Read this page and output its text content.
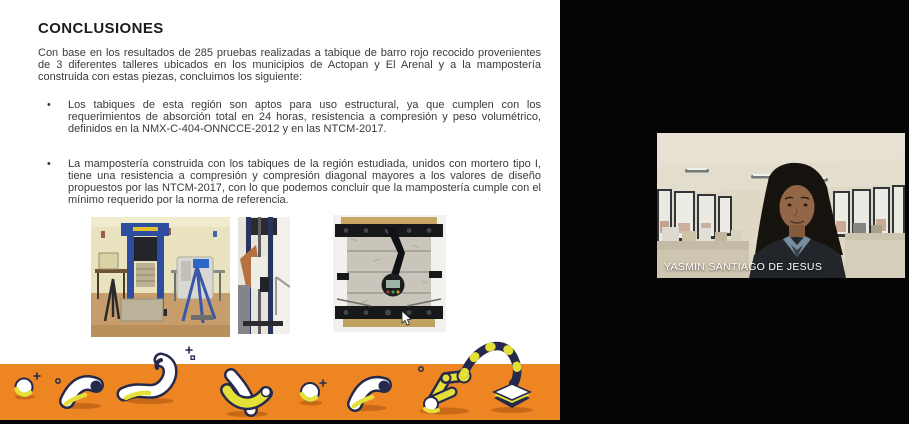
CONCLUSIONES
Con base en los resultados de 285 pruebas realizadas a tabique de barro rojo recocido provenientes de 3 diferentes talleres ubicados en los municipios de Actopan y El Arenal y a la mampostería construida con estas piezas, concluimos los siguiente:
•	Los tabiques de esta región son aptos para uso estructural, ya que cumplen con los requerimientos de absorción total en 24 horas, resistencia a compresión y peso volumétrico, definidos en la NMX-C-404-ONNCCE-2012 y en las NTCM-2017.
•	La mampostería construida con los tabiques de la región estudiada, unidos con mortero tipo I, tiene una resistencia a compresión y compresión diagonal mayores a los valores de diseño propuestos por las NTCM-2017, con lo que podemos concluir que la mampostería cumple con el mínimo requerido por la norma de referencia.
YASMIN SANTIAGO DE JESUS
